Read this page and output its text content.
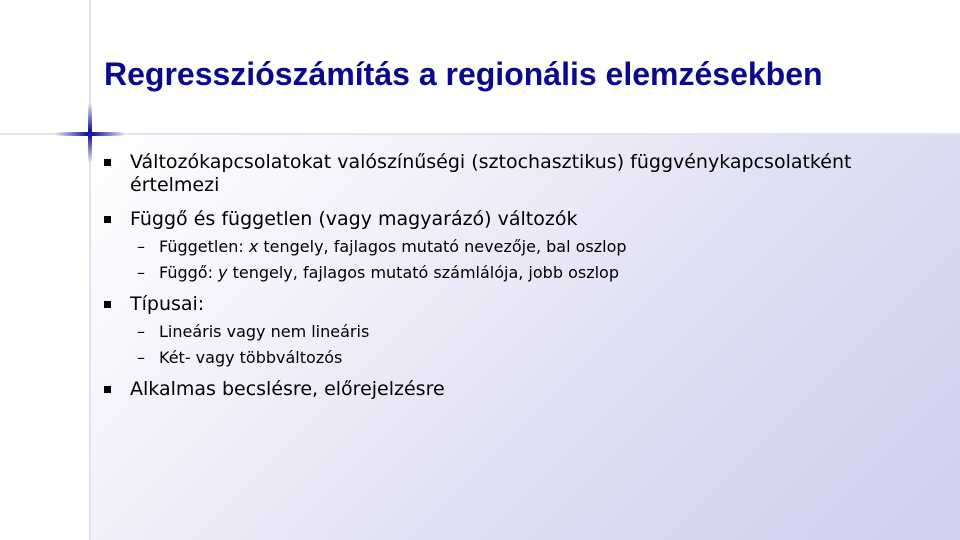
Regressziószámítás a regionális elemzésekben
Változókapcsolatokat valószínűségi (sztochasztikus) függvénykapcsolatként értelmezi
Függő és független (vagy magyarázó) változók
– Független: x tengely, fajlagos mutató nevezője, bal oszlop
– Függő: y tengely, fajlagos mutató számlálója, jobb oszlop
Típusai:
– Lineáris vagy nem lineáris
– Két- vagy többváltozós
Alkalmas becslésre, előrejelzésre
